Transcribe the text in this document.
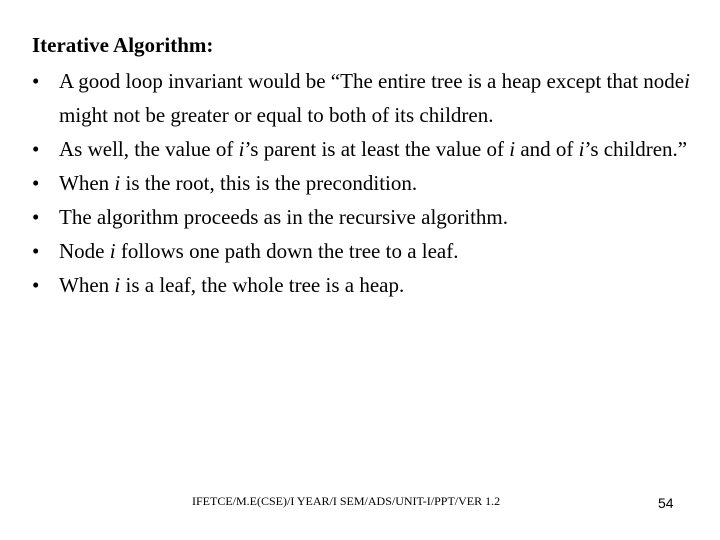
Iterative Algorithm:
• A good loop invariant would be “The entire tree is a heap except that nodei might not be greater or equal to both of its children.
• As well, the value of i’s parent is at least the value of i and of i’s children.”
• When i is the root, this is the precondition.
• The algorithm proceeds as in the recursive algorithm.
• Node i follows one path down the tree to a leaf.
• When i is a leaf, the whole tree is a heap.
IFETCE/M.E(CSE)/I YEAR/I SEM/ADS/UNIT-I/PPT/VER 1.2	54
